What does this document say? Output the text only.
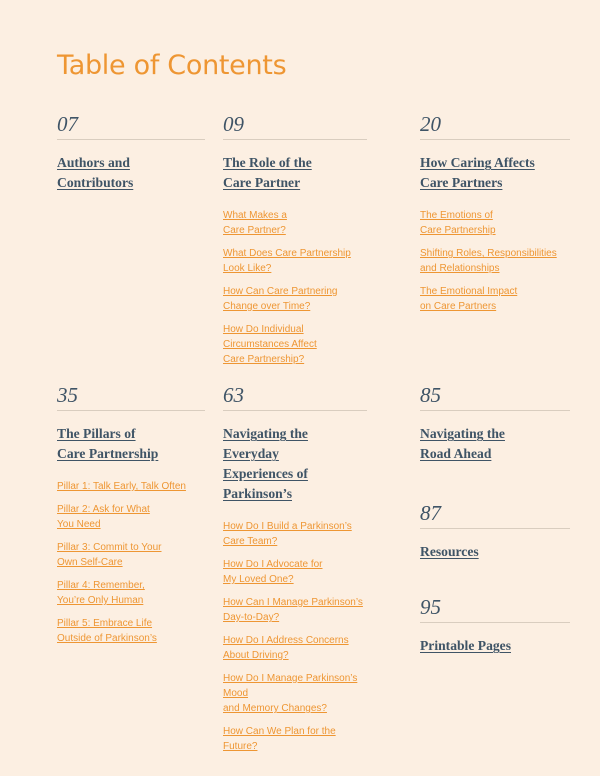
Table of Contents
07
Authors and
Contributors
09
The Role of the
Care Partner
What Makes a
Care Partner?
What Does Care Partnership
Look Like?
How Can Care Partnering
Change over Time?
How Do Individual
Circumstances Affect
Care Partnership?
20
How Caring Affects
Care Partners
The Emotions of
Care Partnership
Shifting Roles, Responsibilities
and Relationships
The Emotional Impact
on Care Partners
35
The Pillars of
Care Partnership
Pillar 1: Talk Early, Talk Often
Pillar 2: Ask for What
You Need
Pillar 3: Commit to Your
Own Self-Care
Pillar 4: Remember,
You’re Only Human
Pillar 5: Embrace Life
Outside of Parkinson’s
63
Navigating the Everyday
Experiences of Parkinson’s
How Do I Build a Parkinson’s
Care Team?
How Do I Advocate for
My Loved One?
How Can I Manage Parkinson’s
Day-to-Day?
How Do I Address Concerns
About Driving?
How Do I Manage Parkinson’s Mood
and Memory Changes?
How Can We Plan for the Future?
85
Navigating the
Road Ahead
87
Resources
95
Printable Pages
